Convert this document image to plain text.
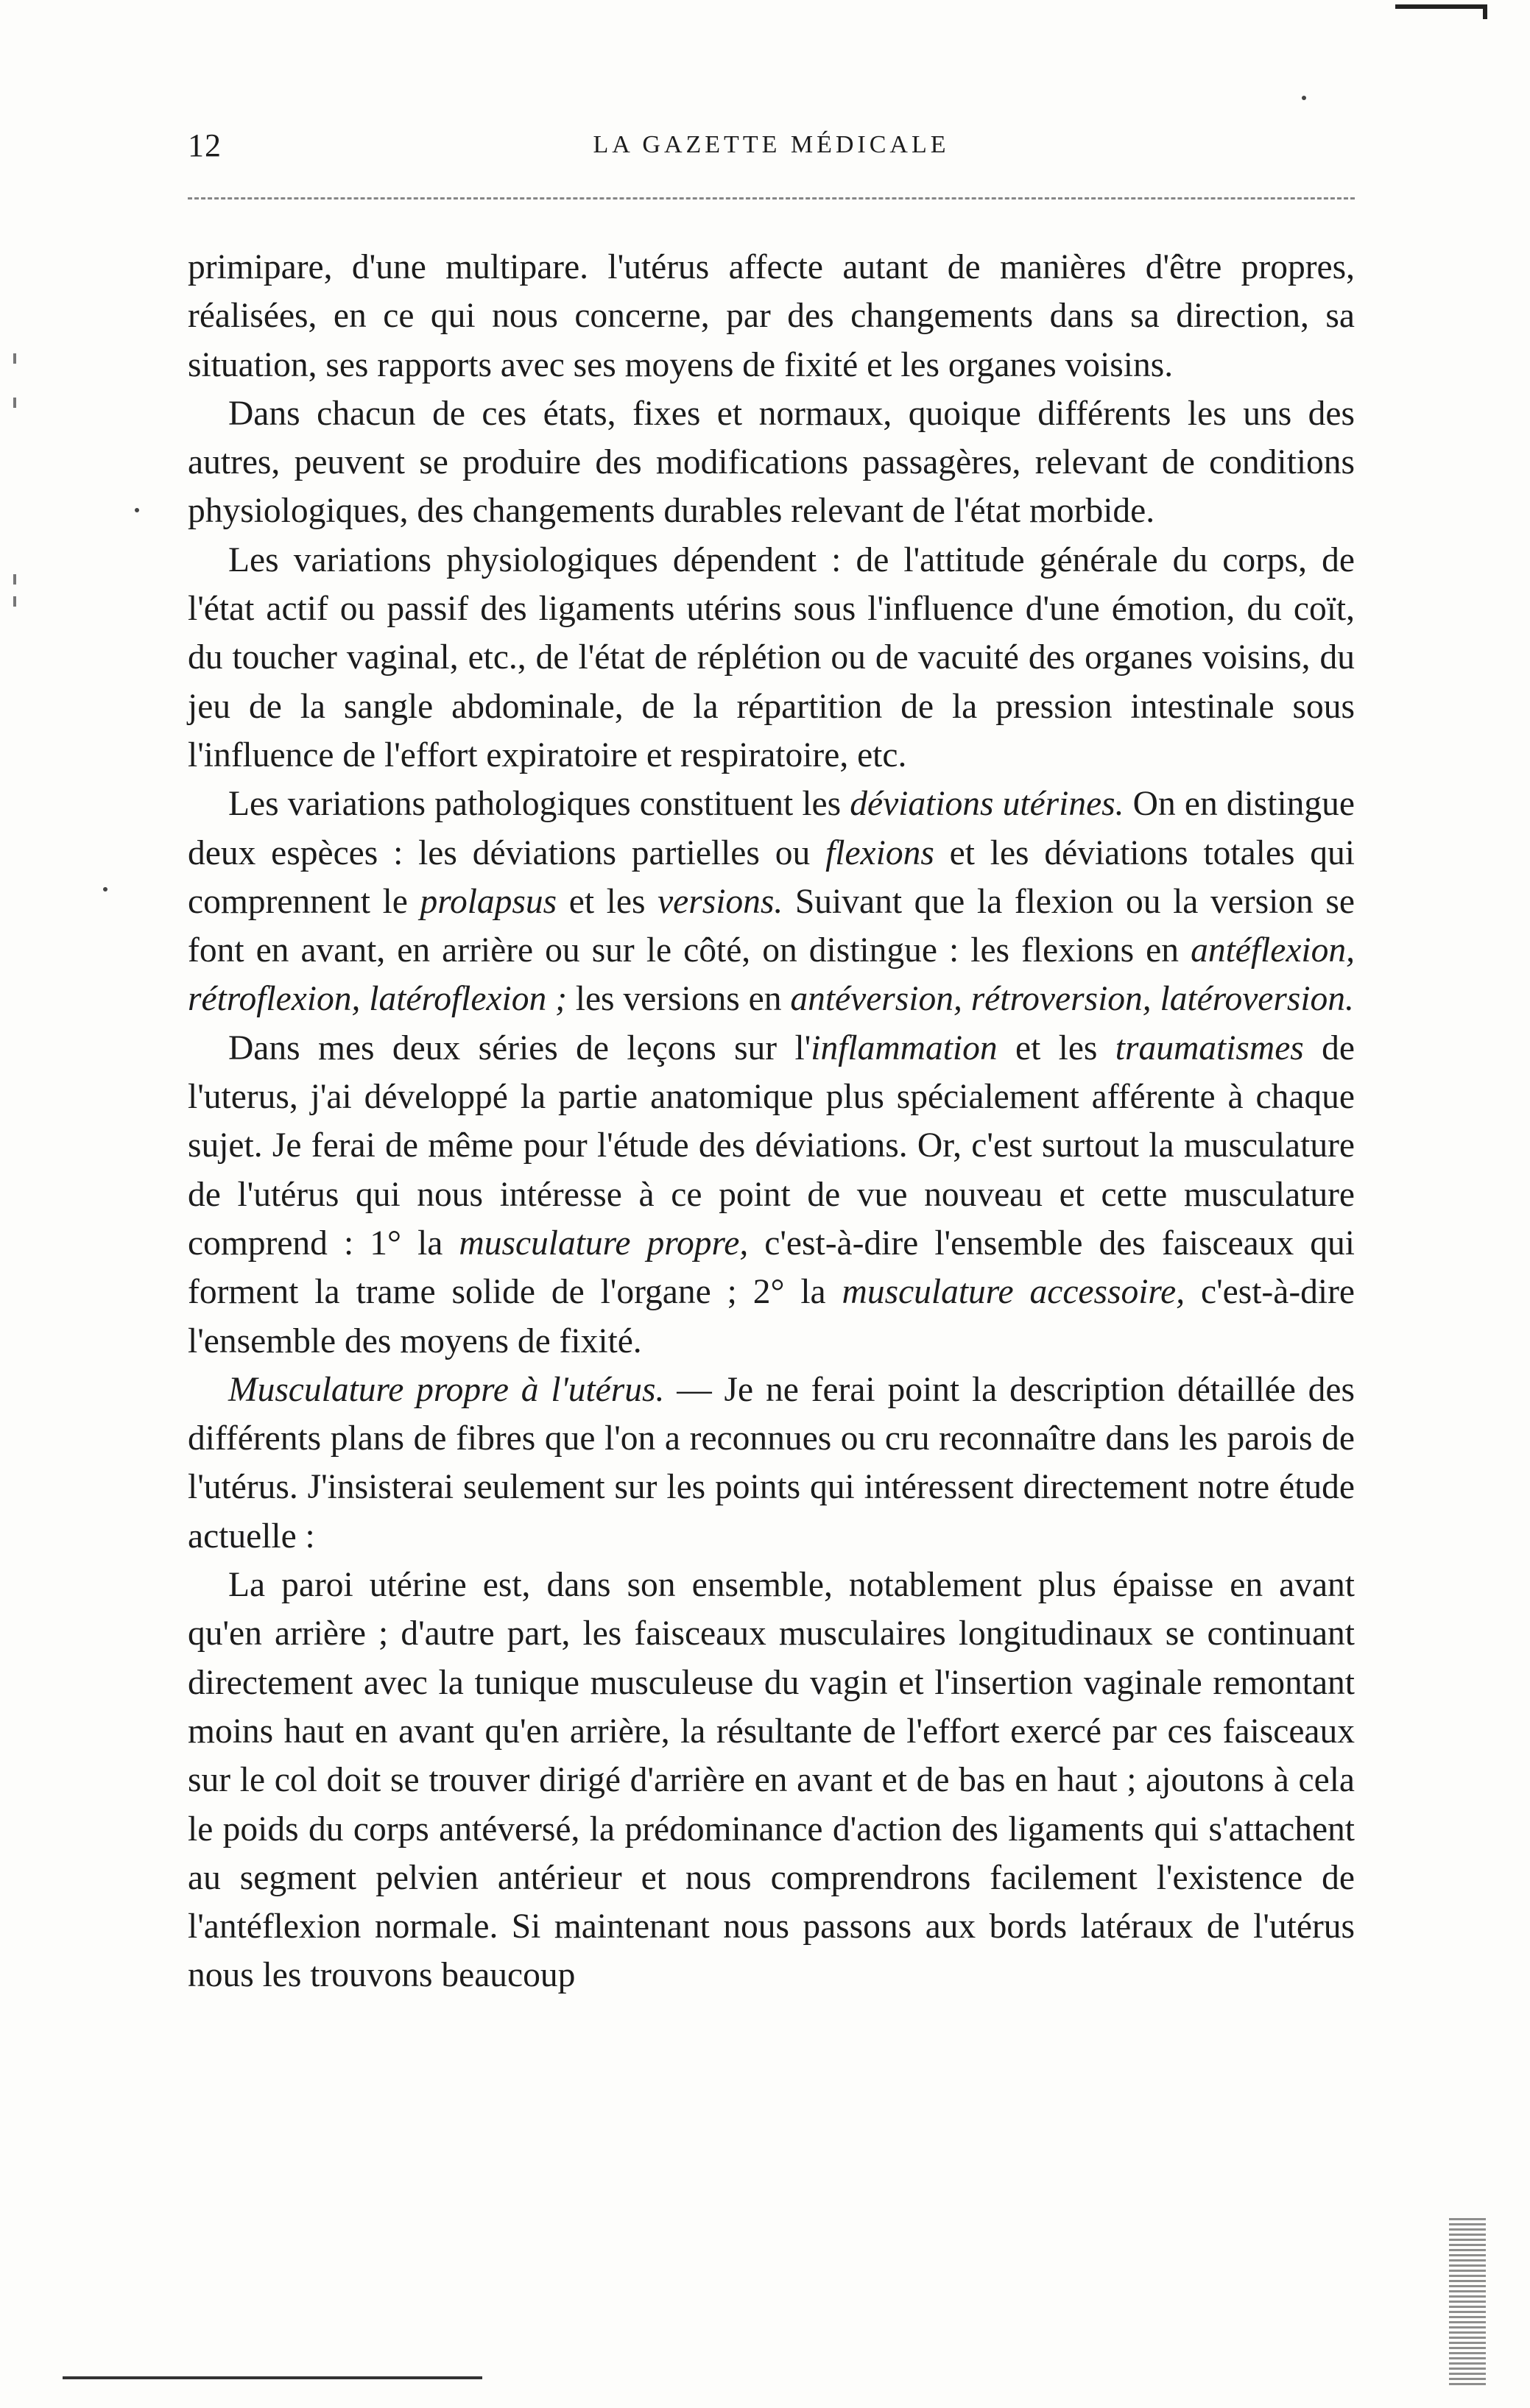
12	LA GAZETTE MÉDICALE

primipare, d'une multipare. l'utérus affecte autant de manières d'être propres, réalisées, en ce qui nous concerne, par des changements dans sa direction, sa situation, ses rapports avec ses moyens de fixité et les organes voisins.

Dans chacun de ces états, fixes et normaux, quoique différents les uns des autres, peuvent se produire des modifications passagères, relevant de conditions physiologiques, des changements durables relevant de l'état morbide.

Les variations physiologiques dépendent : de l'attitude générale du corps, de l'état actif ou passif des ligaments utérins sous l'influence d'une émotion, du coït, du toucher vaginal, etc., de l'état de réplétion ou de vacuité des organes voisins, du jeu de la sangle abdominale, de la répartition de la pression intestinale sous l'influence de l'effort expiratoire et respiratoire, etc.

Les variations pathologiques constituent les déviations utérines. On en distingue deux espèces : les déviations partielles ou flexions et les déviations totales qui comprennent le prolapsus et les versions. Suivant que la flexion ou la version se font en avant, en arrière ou sur le côté, on distingue : les flexions en antéflexion, rétroflexion, latéroflexion ; les versions en antéversion, rétroversion, latéroversion.

Dans mes deux séries de leçons sur l'inflammation et les traumatismes de l'uterus, j'ai développé la partie anatomique plus spécialement afférente à chaque sujet. Je ferai de même pour l'étude des déviations. Or, c'est surtout la musculature de l'utérus qui nous intéresse à ce point de vue nouveau et cette musculature comprend : 1° la musculature propre, c'est-à-dire l'ensemble des faisceaux qui forment la trame solide de l'organe ; 2° la musculature accessoire, c'est-à-dire l'ensemble des moyens de fixité.

Musculature propre à l'utérus. — Je ne ferai point la description détaillée des différents plans de fibres que l'on a reconnues ou cru reconnaître dans les parois de l'utérus. J'insisterai seulement sur les points qui intéressent directement notre étude actuelle :

La paroi utérine est, dans son ensemble, notablement plus épaisse en avant qu'en arrière ; d'autre part, les faisceaux musculaires longitudinaux se continuant directement avec la tunique musculeuse du vagin et l'insertion vaginale remontant moins haut en avant qu'en arrière, la résultante de l'effort exercé par ces faisceaux sur le col doit se trouver dirigé d'arrière en avant et de bas en haut ; ajoutons à cela le poids du corps antéversé, la prédominance d'action des ligaments qui s'attachent au segment pelvien antérieur et nous comprendrons facilement l'existence de l'antéflexion normale. Si maintenant nous passons aux bords latéraux de l'utérus nous les trouvons beaucoup
